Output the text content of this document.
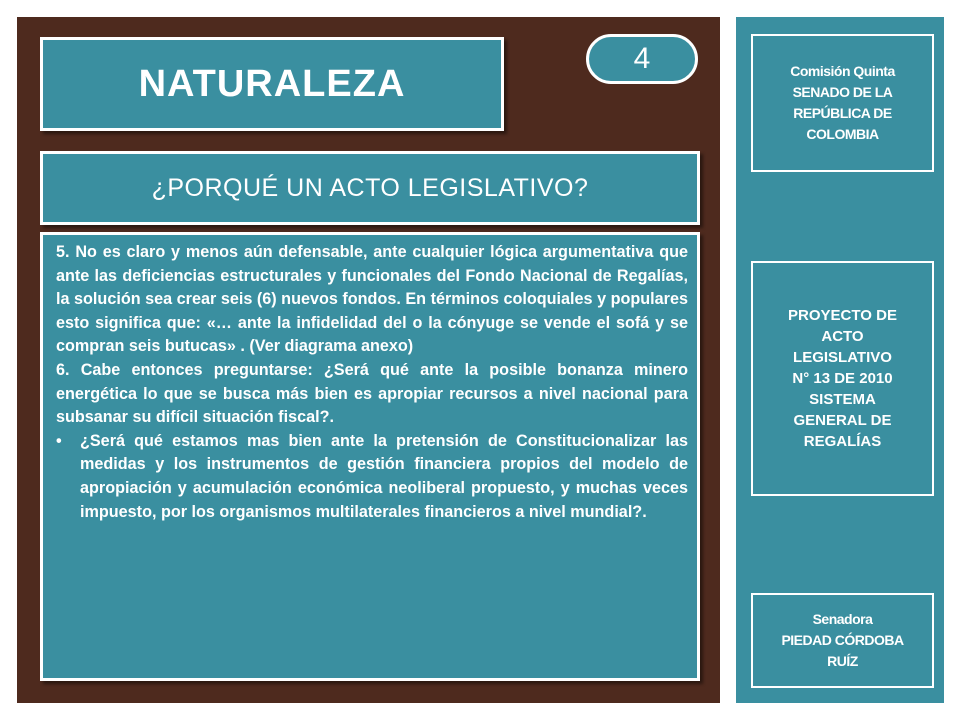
NATURALEZA
4
¿PORQUÉ UN ACTO LEGISLATIVO?

5. No es claro y menos aún defensable, ante cualquier lógica argumentativa que ante las deficiencias estructurales y funcionales del Fondo Nacional de Regalías, la solución sea crear seis (6) nuevos fondos. En términos coloquiales y populares esto significa que: «… ante la infidelidad del o la cónyuge se vende el sofá y se compran seis butucas» . (Ver diagrama anexo)

6. Cabe entonces preguntarse: ¿Será qué ante la posible bonanza minero energética lo que se busca más bien es apropiar recursos a nivel nacional para subsanar su difícil situación fiscal?.

•	¿Será qué estamos mas bien ante la pretensión de Constitucionalizar las medidas y los instrumentos de gestión financiera propios del modelo de apropiación y acumulación económica neoliberal propuesto, y muchas veces impuesto, por los organismos multilaterales financieros a nivel mundial?.
Comisión Quinta
SENADO DE LA
REPÚBLICA DE
COLOMBIA
PROYECTO DE
ACTO
LEGISLATIVO
N° 13 DE 2010
SISTEMA
GENERAL DE
REGALÍAS
Senadora
PIEDAD CÓRDOBA
RUÍZ
